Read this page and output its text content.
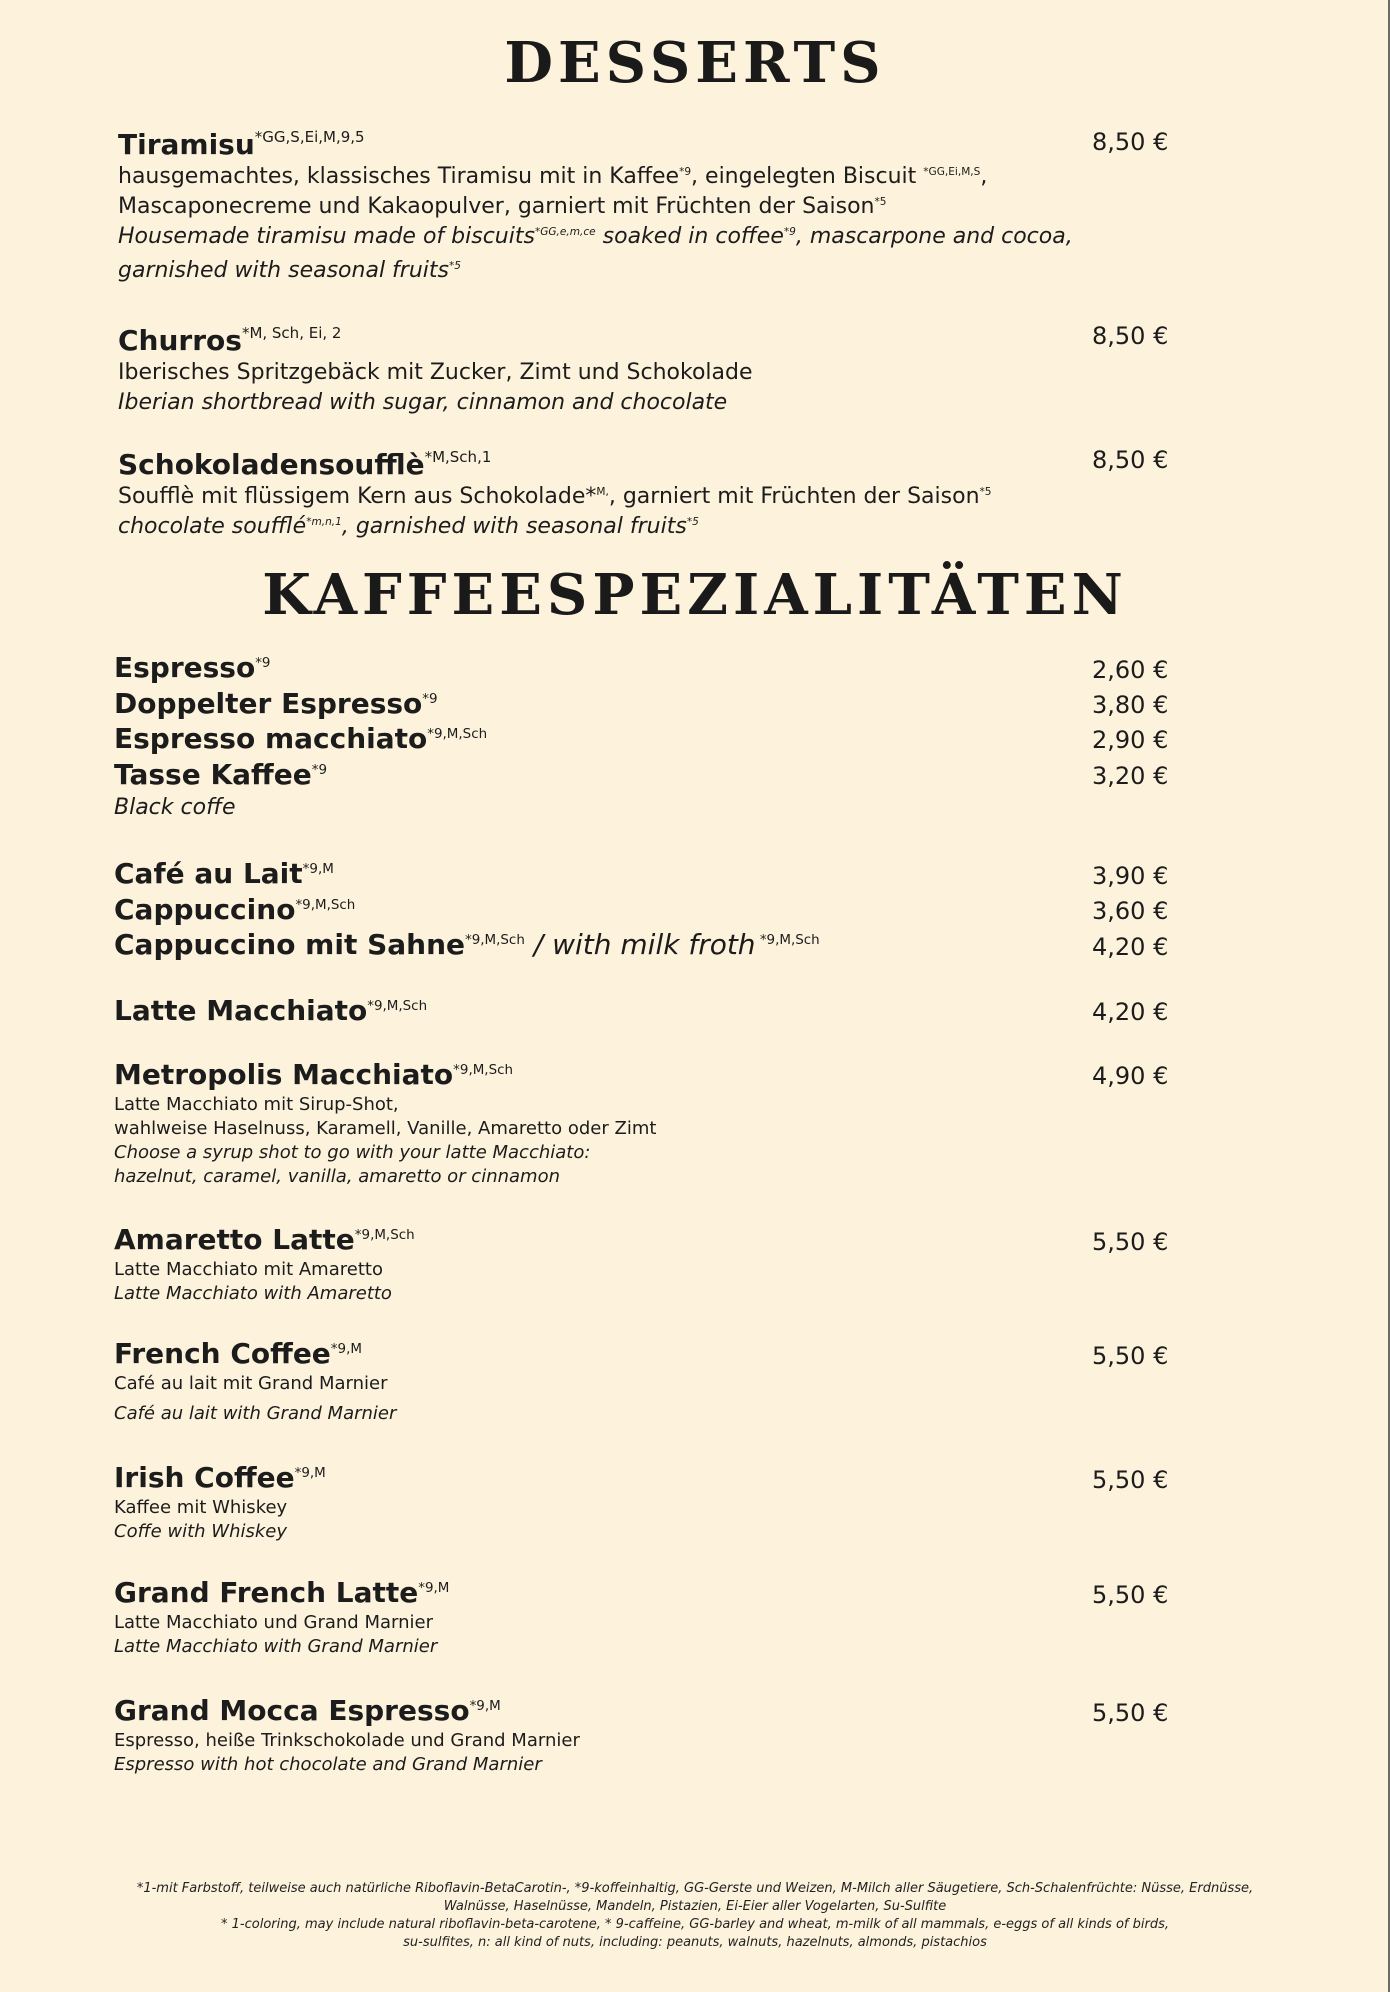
DESSERTS
Tiramisu$^{*GG,S,Ei,M,9,5}$
hausgemachtes, klassisches Tiramisu mit in Kaffee$^{*9}$, eingelegten Biscuit $^{*GG,Ei,M,S}$,
Mascaponecreme und Kakaopulver, garniert mit Früchten der Saison$^{*5}$
Housemade tiramisu made of biscuits$^{*GG,e,m,ce}$ soaked in coffee$^{*9}$, mascarpone and cocoa,
garnished with seasonal fruits$^{*5}$
8,50 €
Churros$^{*M, Sch, Ei, 2}$
Iberisches Spritzgebäck mit Zucker, Zimt und Schokolade
Iberian shortbread with sugar, cinnamon and chocolate
8,50 €
Schokoladensoufflè$^{*M,Sch,1}$
Soufflè mit flüssigem Kern aus Schokolade*$^{M,}$, garniert mit Früchten der Saison$^{*5}$
chocolate soufflé$^{*m,n,1}$, garnished with seasonal fruits$^{*5}$
8,50 €
KAFFEESPEZIALITÄTEN
Espresso$^{*9}$	2,60 €
Doppelter Espresso$^{*9}$	3,80 €
Espresso macchiato$^{*9,M,Sch}$	2,90 €
Tasse Kaffee$^{*9}$
Black coffe
3,20 €
Café au Lait$^{*9,M}$	3,90 €
Cappuccino$^{*9,M,Sch}$	3,60 €
Cappuccino mit Sahne$^{*9,M,Sch}$ / with milk froth $^{*9,M,Sch}$	4,20 €
Latte Macchiato$^{*9,M,Sch}$	4,20 €
Metropolis Macchiato$^{*9,M,Sch}$
Latte Macchiato mit Sirup-Shot,
wahlweise Haselnuss, Karamell, Vanille, Amaretto oder Zimt
Choose a syrup shot to go with your latte Macchiato:
hazelnut, caramel, vanilla, amaretto or cinnamon
4,90 €
Amaretto Latte$^{*9,M,Sch}$
Latte Macchiato mit Amaretto
Latte Macchiato with Amaretto
5,50 €
French Coffee$^{*9,M}$
Café au lait mit Grand Marnier
Café au lait with Grand Marnier
5,50 €
Irish Coffee$^{*9,M}$
Kaffee mit Whiskey
Coffe with Whiskey
5,50 €
Grand French Latte$^{*9,M}$
Latte Macchiato und Grand Marnier
Latte Macchiato with Grand Marnier
5,50 €
Grand Mocca Espresso$^{*9,M}$
Espresso, heiße Trinkschokolade und Grand Marnier
Espresso with hot chocolate and Grand Marnier
5,50 €
*1-mit Farbstoff, teilweise auch natürliche Riboflavin-BetaCarotin-, *9-koffeinhaltig, GG-Gerste und Weizen, M-Milch aller Säugetiere, Sch-Schalenfrüchte: Nüsse, Erdnüsse,
Walnüsse, Haselnüsse, Mandeln, Pistazien, Ei-Eier aller Vogelarten, Su-Sulfite
* 1-coloring, may include natural riboflavin-beta-carotene, * 9-caffeine, GG-barley and wheat, m-milk of all mammals, e-eggs of all kinds of birds,
su-sulfites, n: all kind of nuts, including: peanuts, walnuts, hazelnuts, almonds, pistachios
